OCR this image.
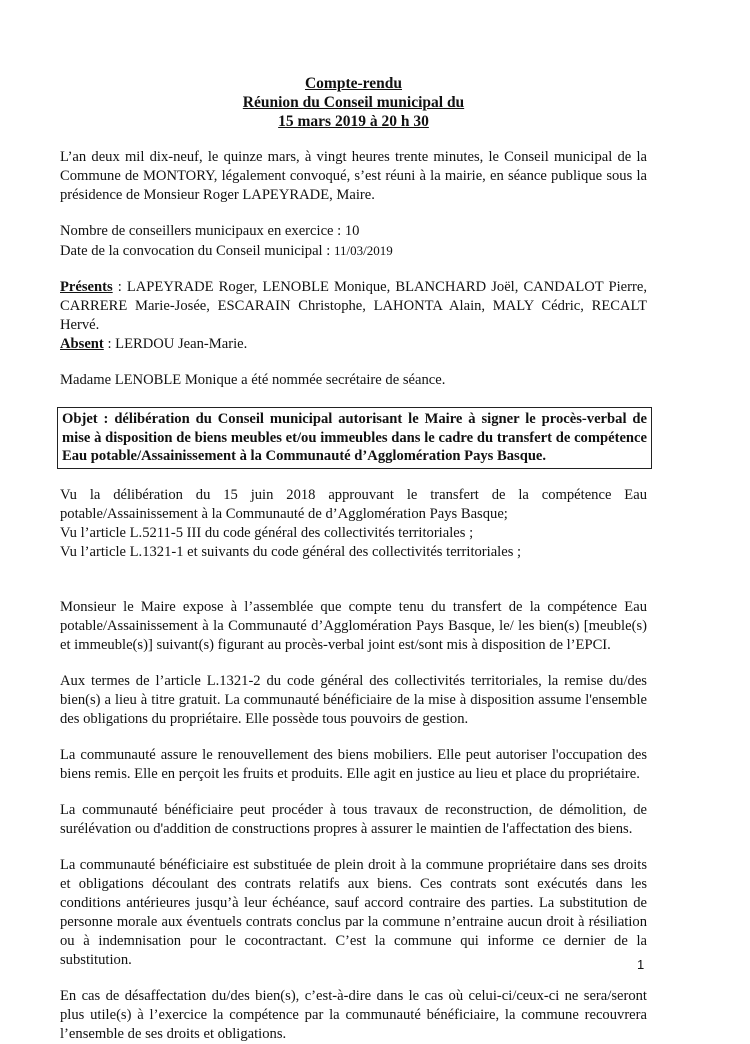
Compte-rendu
Réunion du Conseil municipal du
15 mars 2019 à 20 h 30

L’an deux mil dix-neuf, le quinze mars, à vingt heures trente minutes, le Conseil municipal de la Commune de MONTORY, légalement convoqué, s’est réuni à la mairie, en séance publique sous la présidence de Monsieur Roger LAPEYRADE, Maire.

Nombre de conseillers municipaux en exercice : 10

Date de la convocation du Conseil municipal : 11/03/2019

Présents : LAPEYRADE Roger, LENOBLE Monique, BLANCHARD Joël, CANDALOT Pierre, CARRERE Marie-Josée, ESCARAIN Christophe, LAHONTA Alain, MALY Cédric, RECALT Hervé.

Absent : LERDOU Jean-Marie.

Madame LENOBLE Monique a été nommée secrétaire de séance.

Objet : délibération du Conseil municipal autorisant le Maire à signer le procès-verbal de mise à disposition de biens meubles et/ou immeubles dans le cadre du transfert de compétence Eau potable/Assainissement à la Communauté d’Agglomération Pays Basque.

Vu la délibération du 15 juin 2018 approuvant le transfert de la compétence Eau potable/Assainissement à la Communauté de d’Agglomération Pays Basque;

Vu l’article L.5211-5 III du code général des collectivités territoriales ;

Vu l’article L.1321-1 et suivants du code général des collectivités territoriales ;

Monsieur le Maire expose à l’assemblée que compte tenu du transfert de la compétence Eau potable/Assainissement à la Communauté d’Agglomération Pays Basque, le/ les bien(s) [meuble(s) et immeuble(s)] suivant(s) figurant au procès-verbal joint est/sont mis à disposition de l’EPCI.

Aux termes de l’article L.1321-2 du code général des collectivités territoriales, la remise du/des bien(s) a lieu à titre gratuit. La communauté bénéficiaire de la mise à disposition assume l'ensemble des obligations du propriétaire. Elle possède tous pouvoirs de gestion.

La communauté assure le renouvellement des biens mobiliers. Elle peut autoriser l'occupation des biens remis. Elle en perçoit les fruits et produits. Elle agit en justice au lieu et place du propriétaire.

La communauté bénéficiaire peut procéder à tous travaux de reconstruction, de démolition, de surélévation ou d'addition de constructions propres à assurer le maintien de l'affectation des biens.

La communauté bénéficiaire est substituée de plein droit à la commune propriétaire dans ses droits et obligations découlant des contrats relatifs aux biens. Ces contrats sont exécutés dans les conditions antérieures jusqu’à leur échéance, sauf accord contraire des parties. La substitution de personne morale aux éventuels contrats conclus par la commune n’entraine aucun droit à résiliation ou à indemnisation pour le cocontractant. C’est la commune qui informe ce dernier de la substitution.

En cas de désaffectation du/des bien(s), c’est-à-dire dans le cas où celui-ci/ceux-ci ne sera/seront plus utile(s) à l’exercice la compétence par la communauté bénéficiaire, la commune recouvrera l’ensemble de ses droits et obligations.

1
